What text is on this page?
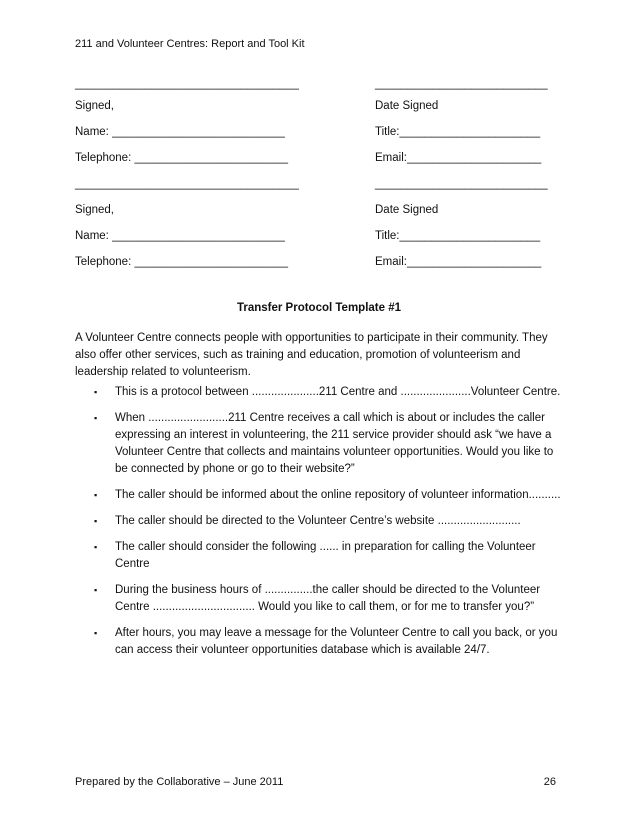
211 and Volunteer Centres: Report and Tool Kit
___________________________________	___________________________
Signed,	Date Signed
Name: ___________________________	Title:______________________
Telephone: ________________________	Email:_____________________
___________________________________	___________________________
Signed,	Date Signed
Name: ___________________________	Title:______________________
Telephone: ________________________	Email:_____________________
Transfer Protocol Template #1
A Volunteer Centre connects people with opportunities to participate in their community. They also offer other services, such as training and education, promotion of volunteerism and leadership related to volunteerism.
▪ This is a protocol between .....................211 Centre and ......................Volunteer Centre.
▪ When .........................211 Centre receives a call which is about or includes the caller expressing an interest in volunteering, the 211 service provider should ask “we have a Volunteer Centre that collects and maintains volunteer opportunities. Would you like to be connected by phone or go to their website?”
▪ The caller should be informed about the online repository of volunteer information..........
▪ The caller should be directed to the Volunteer Centre’s website ..........................
▪ The caller should consider the following ...... in preparation for calling the Volunteer Centre
▪ During the business hours of ...............the caller should be directed to the Volunteer Centre ................................ Would you like to call them, or for me to transfer you?”
▪ After hours, you may leave a message for the Volunteer Centre to call you back, or you can access their volunteer opportunities database which is available 24/7.
Prepared by the Collaborative – June 2011	26
